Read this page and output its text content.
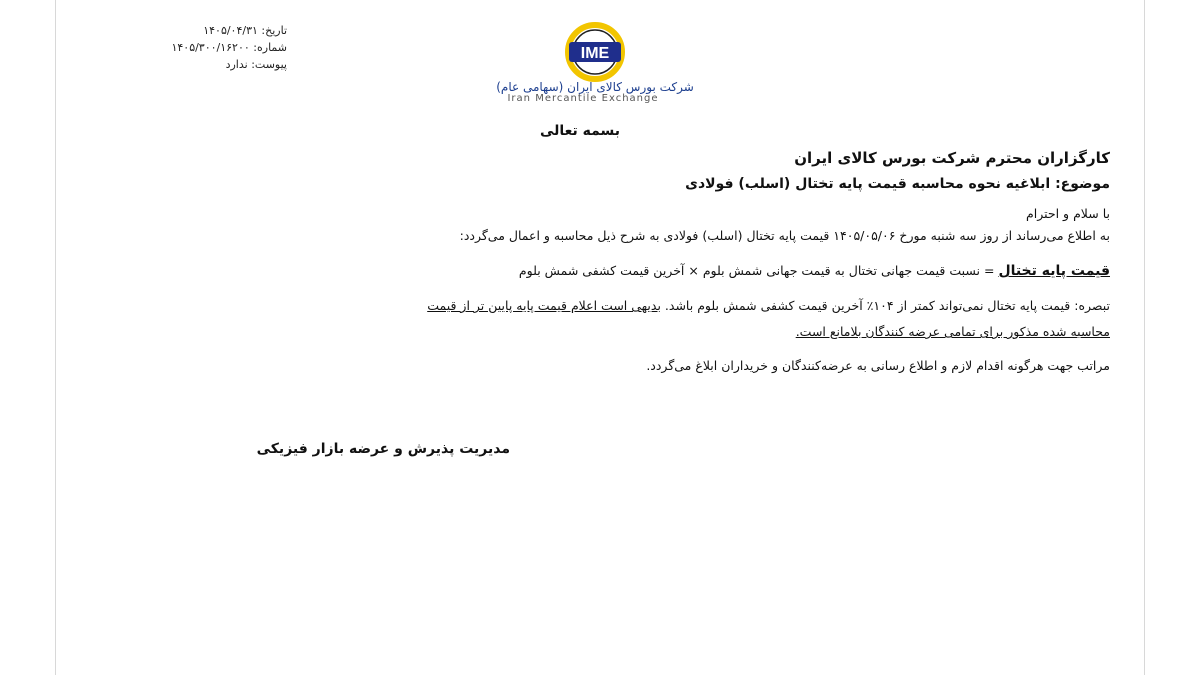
تاریخ: ۱۴۰۵/۰۴/۳۱
شماره: ۱۴۰۵/۳۰۰/۱۶۲۰۰
پیوست: ندارد
IME
شرکت بورس کالای ایران (سهامی عام)
Iran Mercantile Exchange
بسمه تعالی
کارگزاران محترم شرکت بورس کالای ایران
موضوع: ابلاغیه نحوه محاسبه قیمت پایه تختال (اسلب) فولادی
با سلام و احترام
به اطلاع می‌رساند از روز سه شنبه مورخ ۱۴۰۵/۰۵/۰۶ قیمت پایه تختال (اسلب) فولادی به شرح ذیل محاسبه و اعمال می‌گردد:
قیمت پایه تختال = نسبت قیمت جهانی تختال به قیمت جهانی شمش بلوم × آخرین قیمت کشفی شمش بلوم
تبصره: قیمت پایه تختال نمی‌تواند کمتر از ۱۰۴٪ آخرین قیمت کشفی شمش بلوم باشد. بدیهی است اعلام قیمت پایه پایین تر از قیمت
محاسبه شده مذکور برای تمامی عرضه کنندگان بلامانع است.
مراتب جهت هرگونه اقدام لازم و اطلاع رسانی به عرضه‌کنندگان و خریداران ابلاغ می‌گردد.
مدیریت پذیرش و عرضه بازار فیزیکی
